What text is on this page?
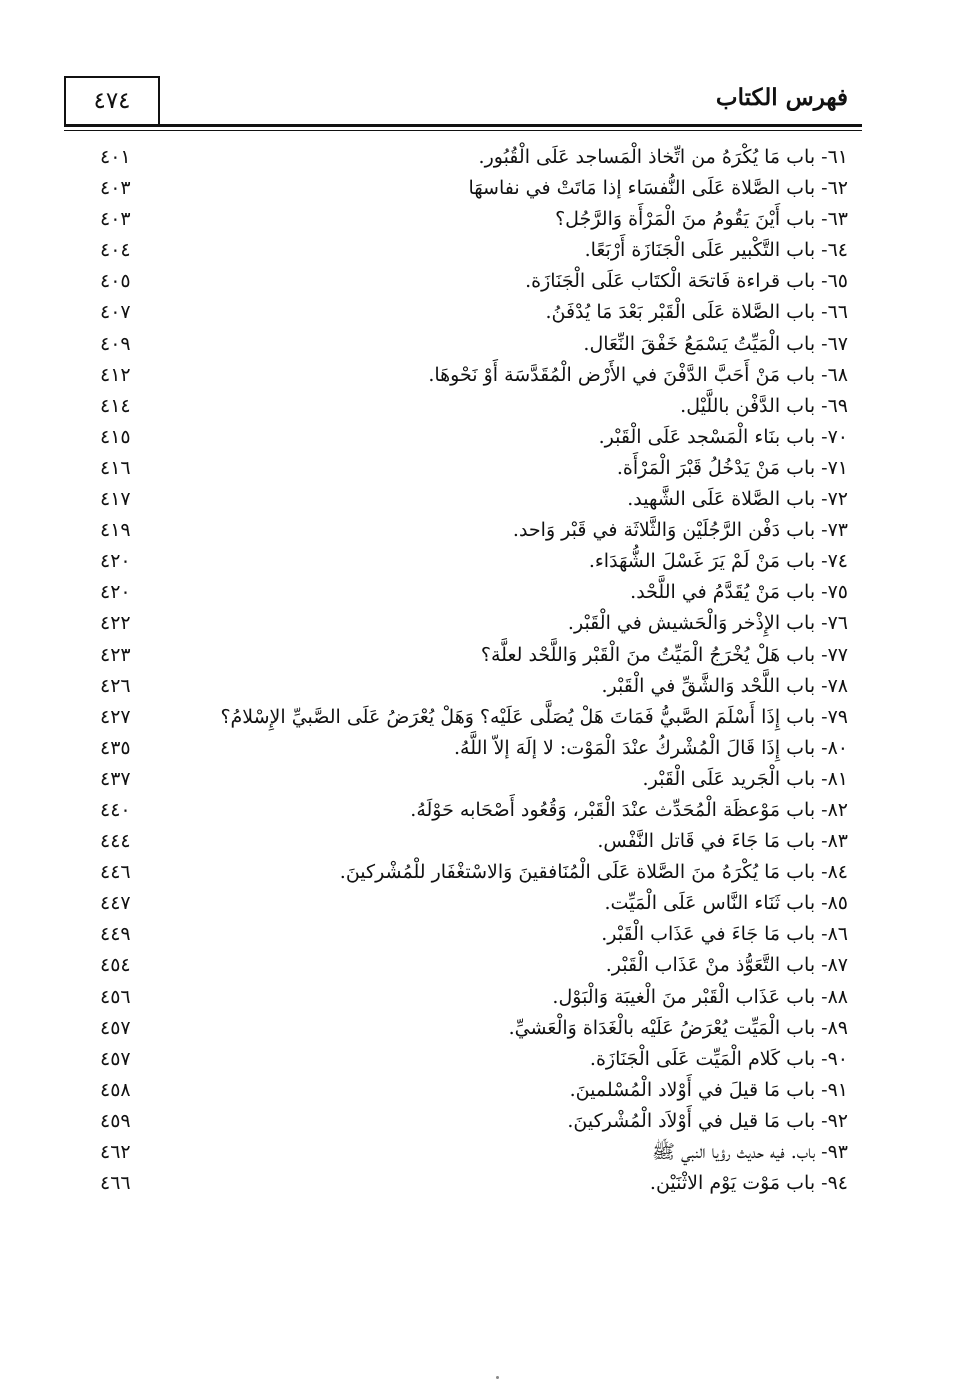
٤٧٤	فهرس الكتاب
٦١- باب مَا يُكْرَهُ من اتِّخاذ الْمَساجد عَلَى الْقُبُور.
٤٠١
٦٢- باب الصَّلاة عَلَى النُّفسَاء إذا مَاتَتْ في نفاسهَا
٤٠٣
٦٣- باب أَيْنَ يَقُومُ منَ الْمَرْأَة وَالرَّجُل؟
٤٠٣
٦٤- باب التَّكْبير عَلَى الْجَنَازَة أَرْبَعًا.
٤٠٤
٦٥- باب قراءة فَاتحَة الْكتَاب عَلَى الْجَنَازَة.
٤٠٥
٦٦- باب الصَّلاة عَلَى الْقَبْر بَعْدَ مَا يُدْفَنُ.
٤٠٧
٦٧- باب الْمَيِّتُ يَسْمَعُ خَفْقَ النِّعَال.
٤٠٩
٦٨- باب مَنْ أَحَبَّ الدَّفْنَ في الأَرْض الْمُقَدَّسَة أَوْ نَحْوهَا.
٤١٢
٦٩- باب الدَّفْن باللَّيْل.
٤١٤
٧٠- باب بنَاء الْمَسْجد عَلَى الْقَبْر.
٤١٥
٧١- باب مَنْ يَدْخُلُ قَبْرَ الْمَرْأَة.
٤١٦
٧٢- باب الصَّلاة عَلَى الشَّهيد.
٤١٧
٧٣- باب دَفْن الرَّجُلَيْن وَالثَّلاثَة في قَبْر وَاحد.
٤١٩
٧٤- باب مَنْ لَمْ يَرَ غَسْلَ الشُّهَدَاء.
٤٢٠
٧٥- باب مَنْ يُقَدَّمُ في اللَّحْد.
٤٢٠
٧٦- باب الإِذْخر وَالْحَشيش في الْقَبْر.
٤٢٢
٧٧- باب هَلْ يُخْرَجُ الْمَيِّتُ منَ الْقَبْر وَاللَّحْد لعلَّة؟
٤٢٣
٧٨- باب اللَّحْد وَالشَّقِّ في الْقَبْر.
٤٢٦
٧٩- باب إِذَا أَسْلَمَ الصَّبيُّ فَمَاتَ هَلْ يُصَلَّى عَلَيْه؟ وَهَلْ يُعْرَضُ عَلَى الصَّبيِّ الإِسْلامُ؟
٤٢٧
٨٠- باب إِذَا قَالَ الْمُشْركُ عنْدَ الْمَوْت: لا إلَهَ إلاّ اللَّهُ.
٤٣٥
٨١- باب الْجَريد عَلَى الْقَبْر.
٤٣٧
٨٢- باب مَوْعظَة الْمُحَدِّث عنْدَ الْقَبْر، وَقُعُود أَصْحَابه حَوْلَهُ.
٤٤٠
٨٣- باب مَا جَاءَ في قَاتل النَّفْس.
٤٤٤
٨٤- باب مَا يُكْرَهُ منَ الصَّلاة عَلَى الْمُنَافقينَ وَالاسْتغْفَار للْمُشْركينَ.
٤٤٦
٨٥- باب ثَنَاء النَّاس عَلَى الْمَيِّت.
٤٤٧
٨٦- باب مَا جَاءَ في عَذَاب الْقَبْر.
٤٤٩
٨٧- باب التَّعَوُّذ منْ عَذَاب الْقَبْر.
٤٥٤
٨٨- باب عَذَاب الْقَبْر منَ الْغيبَة وَالْبَوْل.
٤٥٦
٨٩- باب الْمَيِّت يُعْرَضُ عَلَيْه بالْغَدَاة وَالْعَشيِّ.
٤٥٧
٩٠- باب كَلام الْمَيِّت عَلَى الْجَنَازَة.
٤٥٧
٩١- باب مَا قيلَ في أَوْلاد الْمُسْلمينَ.
٤٥٨
٩٢- باب مَا قيل في أَوْلاَد الْمُشْركينَ.
٤٥٩
٩٣- باب. فيه حديث رؤيا النبي ﷺ
٤٦٢
٩٤- باب مَوْت يَوْم الاثْنَيْن.
٤٦٦
